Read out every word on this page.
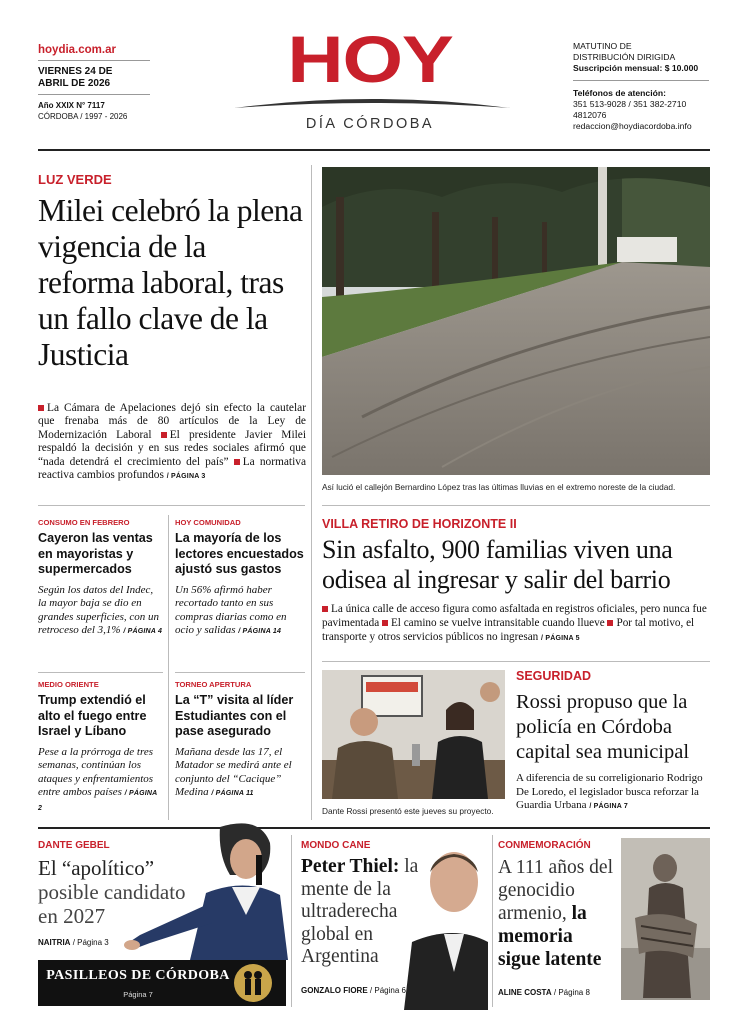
hoydia.com.ar
VIERNES 24 DE
ABRIL DE 2026
Año XXIX N° 7117
CÓRDOBA / 1997 - 2026
HOY
DÍA CÓRDOBA
MATUTINO DE
DISTRIBUCIÓN DIRIGIDA
Suscripción mensual: $ 10.000
Teléfonos de atención:
351 513-9028 / 351 382-2710
4812076
redaccion@hoydiacordoba.info
LUZ VERDE
Milei celebró la plena vigencia de la reforma laboral, tras un fallo clave de la Justicia
La Cámara de Apelaciones dejó sin efecto la cautelar que frenaba más de 80 artículos de la Ley de Modernización Laboral El presidente Javier Milei respaldó la decisión y en sus redes sociales afirmó que “nada detendrá el crecimiento del país” La normativa reactiva cambios profundos / PÁGINA 3
Así lució el callejón Bernardino López tras las últimas lluvias en el extremo noreste de la ciudad.
CONSUMO EN FEBRERO
Cayeron las ventas en mayoristas y supermercados
Según los datos del Indec, la mayor baja se dio en grandes superficies, con un retroceso del 3,1% / PÁGINA 4
HOY COMUNIDAD
La mayoría de los lectores encuestados ajustó sus gastos
Un 56% afirmó haber recortado tanto en sus compras diarias como en ocio y salidas / PÁGINA 14
MEDIO ORIENTE
Trump extendió el alto el fuego entre Israel y Líbano
Pese a la prórroga de tres semanas, continúan los ataques y enfrentamientos entre ambos países / PÁGINA 2
TORNEO APERTURA
La “T” visita al líder Estudiantes con el pase asegurado
Mañana desde las 17, el Matador se medirá ante el conjunto del “Cacique” Medina / PÁGINA 11
VILLA RETIRO DE HORIZONTE II
Sin asfalto, 900 familias viven una odisea al ingresar y salir del barrio
La única calle de acceso figura como asfaltada en registros oficiales, pero nunca fue pavimentada El camino se vuelve intransitable cuando llueve Por tal motivo, el transporte y otros servicios públicos no ingresan / PÁGINA 5
Dante Rossi presentó este jueves su proyecto.
SEGURIDAD
Rossi propuso que la policía en Córdoba capital sea municipal
A diferencia de su correligionario Rodrigo De Loredo, el legislador busca reforzar la Guardia Urbana / PÁGINA 7
DANTE GEBEL
El “apolítico” posible candidato en 2027
NAITRIA / Página 3
PASILLEOS DE CÓRDOBA
Página 7
MONDO CANE
Peter Thiel: la mente de la ultraderecha global en Argentina
GONZALO FIORE / Página 6
CONMEMORACIÓN
A 111 años del genocidio armenio, la memoria sigue latente
ALINE COSTA / Página 8
